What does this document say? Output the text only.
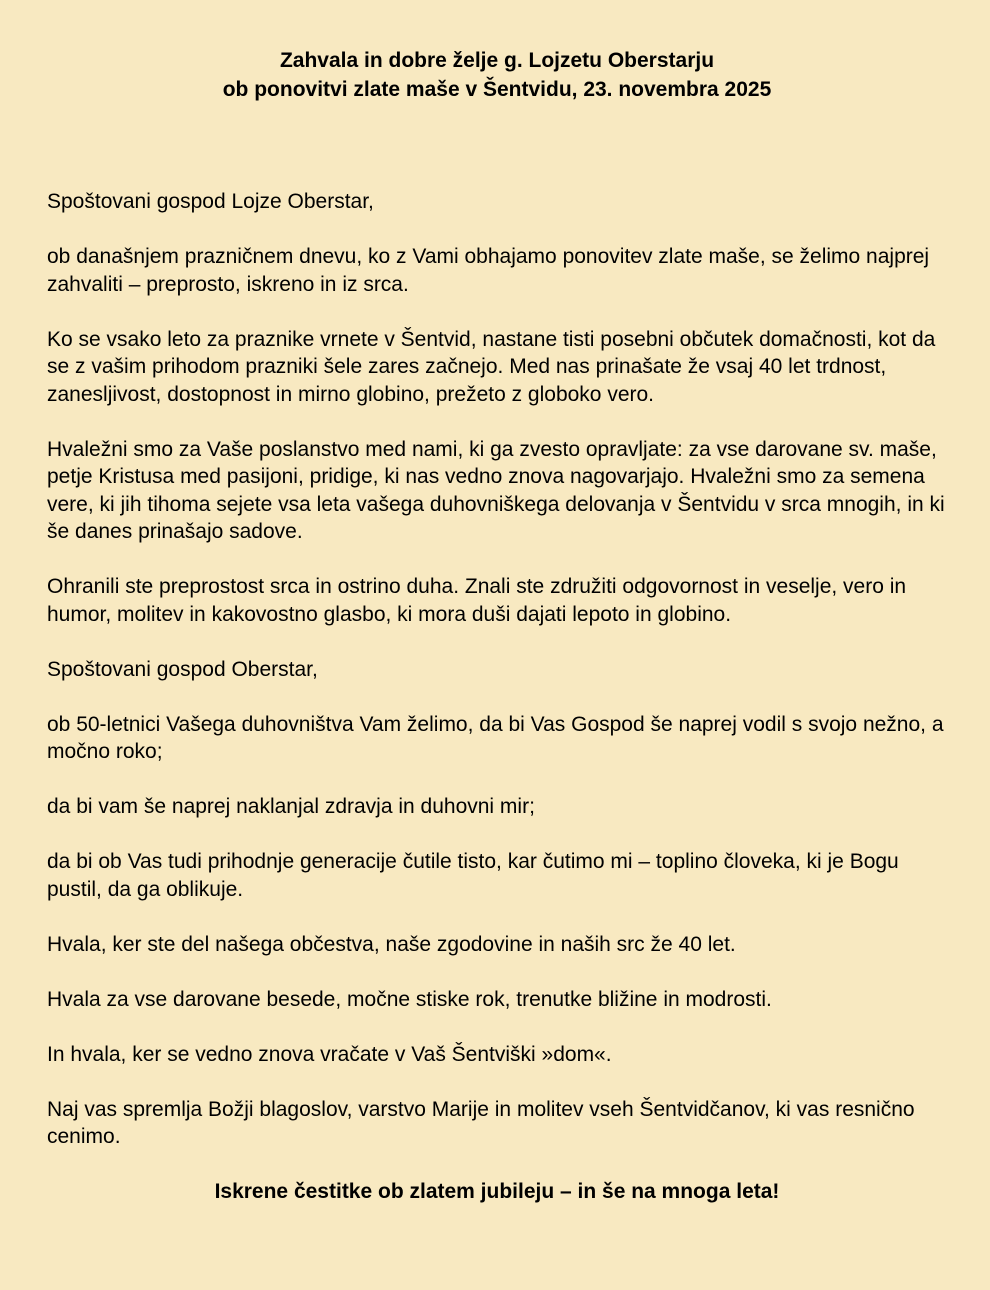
Zahvala in dobre želje g. Lojzetu Oberstarju
ob ponovitvi zlate maše v Šentvidu, 23. novembra 2025

Spoštovani gospod Lojze Oberstar,

ob današnjem prazničnem dnevu, ko z Vami obhajamo ponovitev zlate maše, se želimo najprej zahvaliti – preprosto, iskreno in iz srca.

Ko se vsako leto za praznike vrnete v Šentvid, nastane tisti posebni občutek domačnosti, kot da se z vašim prihodom prazniki šele zares začnejo. Med nas prinašate že vsaj 40 let trdnost, zanesljivost, dostopnost in mirno globino, prežeto z globoko vero.

Hvaležni smo za Vaše poslanstvo med nami, ki ga zvesto opravljate: za vse darovane sv. maše, petje Kristusa med pasijoni, pridige, ki nas vedno znova nagovarjajo. Hvaležni smo za semena vere, ki jih tihoma sejete vsa leta vašega duhovniškega delovanja v Šentvidu v srca mnogih, in ki še danes prinašajo sadove.

Ohranili ste preprostost srca in ostrino duha. Znali ste združiti odgovornost in veselje, vero in humor, molitev in kakovostno glasbo, ki mora duši dajati lepoto in globino.

Spoštovani gospod Oberstar,

ob 50-letnici Vašega duhovništva Vam želimo, da bi Vas Gospod še naprej vodil s svojo nežno, a močno roko;

da bi vam še naprej naklanjal zdravja in duhovni mir;

da bi ob Vas tudi prihodnje generacije čutile tisto, kar čutimo mi – toplino človeka, ki je Bogu pustil, da ga oblikuje.

Hvala, ker ste del našega občestva, naše zgodovine in naših src že 40 let.

Hvala za vse darovane besede, močne stiske rok, trenutke bližine in modrosti.

In hvala, ker se vedno znova vračate v Vaš Šentviški »dom«.

Naj vas spremlja Božji blagoslov, varstvo Marije in molitev vseh Šentvidčanov, ki vas resnično cenimo.

Iskrene čestitke ob zlatem jubileju – in še na mnoga leta!
